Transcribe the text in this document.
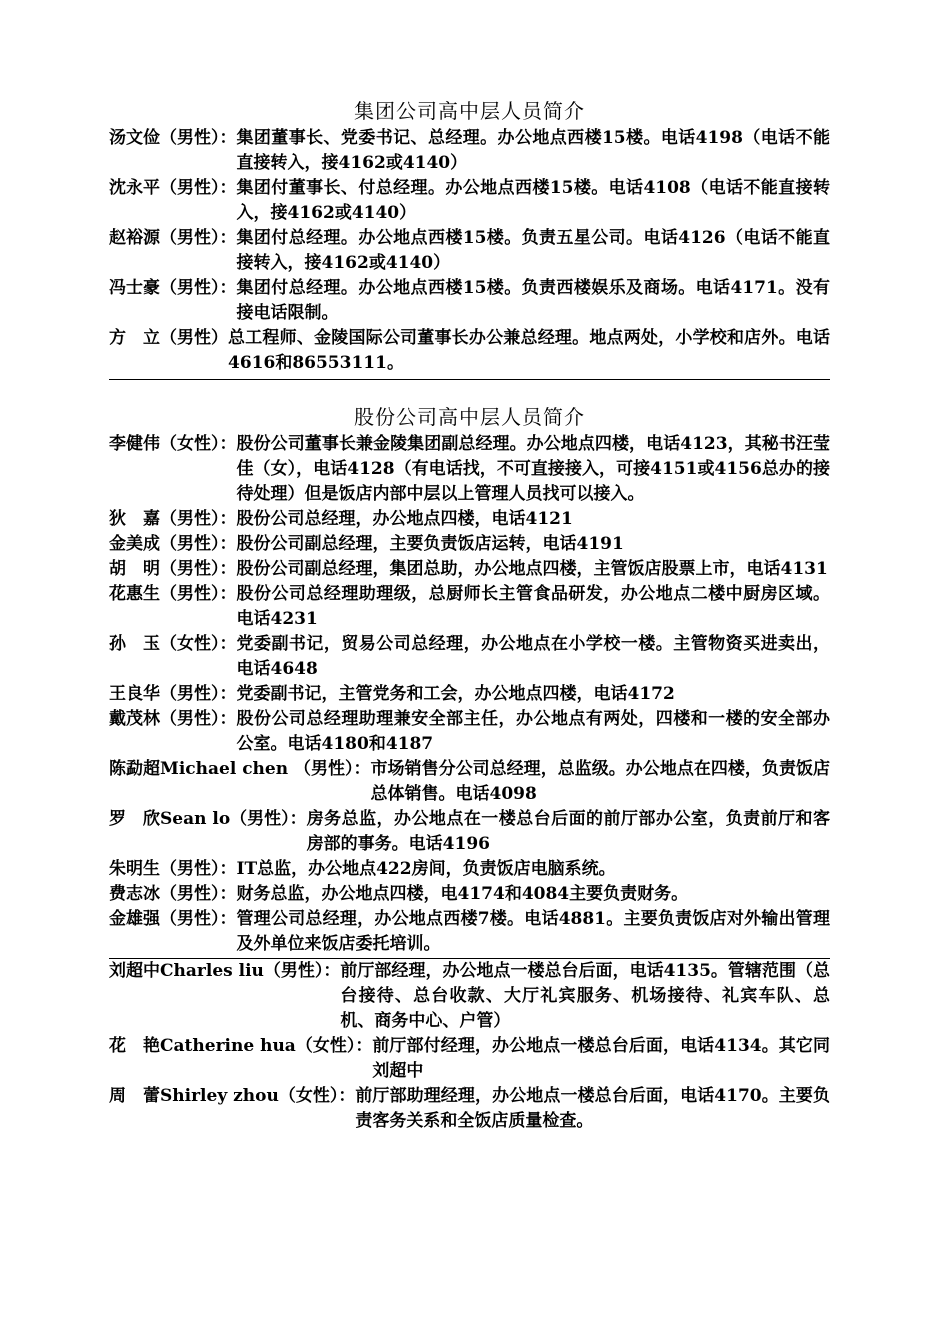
集团公司高中层人员简介
汤文俭（男性）： 集团董事长、党委书记、总经理。办公地点西楼15楼。电话4198（电话不能直接转入，接4162或4140）
沈永平（男性）： 集团付董事长、付总经理。办公地点西楼15楼。电话4108（电话不能直接转入，接4162或4140）
赵裕源（男性）： 集团付总经理。办公地点西楼15楼。负责五星公司。电话4126（电话不能直接转入，接4162或4140）
冯士豪（男性）： 集团付总经理。办公地点西楼15楼。负责西楼娱乐及商场。电话4171。没有接电话限制。
方　立（男性） 总工程师、金陵国际公司董事长办公兼总经理。地点两处，小学校和店外。电话4616和86553111。
股份公司高中层人员简介
李健伟（女性）： 股份公司董事长兼金陵集团副总经理。办公地点四楼，电话4123，其秘书汪莹佳（女），电话4128（有电话找，不可直接接入，可接4151或4156总办的接待处理）但是饭店内部中层以上管理人员找可以接入。
狄　嘉（男性）： 股份公司总经理，办公地点四楼，电话4121
金美成（男性）： 股份公司副总经理，主要负责饭店运转，电话4191
胡　明（男性）： 股份公司副总经理，集团总助，办公地点四楼，主管饭店股票上市，电话4131
花惠生（男性）： 股份公司总经理助理级，总厨师长主管食品研发，办公地点二楼中厨房区域。电话4231
孙　玉（女性）： 党委副书记，贸易公司总经理，办公地点在小学校一楼。主管物资买进卖出，电话4648
王良华（男性）： 党委副书记，主管党务和工会，办公地点四楼，电话4172
戴茂林（男性）： 股份公司总经理助理兼安全部主任，办公地点有两处，四楼和一楼的安全部办公室。电话4180和4187
陈勐超Michael chen （男性）： 市场销售分公司总经理，总监级。办公地点在四楼，负责饭店总体销售。电话4098
罗　欣Sean lo（男性）： 房务总监，办公地点在一楼总台后面的前厅部办公室，负责前厅和客房部的事务。电话4196
朱明生（男性）： IT总监，办公地点422房间，负责饭店电脑系统。
费志冰（男性）： 财务总监，办公地点四楼，电4174和4084主要负责财务。
金雄强（男性）： 管理公司总经理，办公地点西楼7楼。电话4881。主要负责饭店对外输出管理及外单位来饭店委托培训。
刘超中Charles liu（男性）： 前厅部经理，办公地点一楼总台后面，电话4135。管辖范围（总台接待、总台收款、大厅礼宾服务、机场接待、礼宾车队、总机、商务中心、户管）
花　艳Catherine hua（女性）： 前厅部付经理，办公地点一楼总台后面，电话4134。其它同刘超中
周　蕾Shirley zhou（女性）： 前厅部助理经理，办公地点一楼总台后面，电话4170。主要负责客务关系和全饭店质量检查。
